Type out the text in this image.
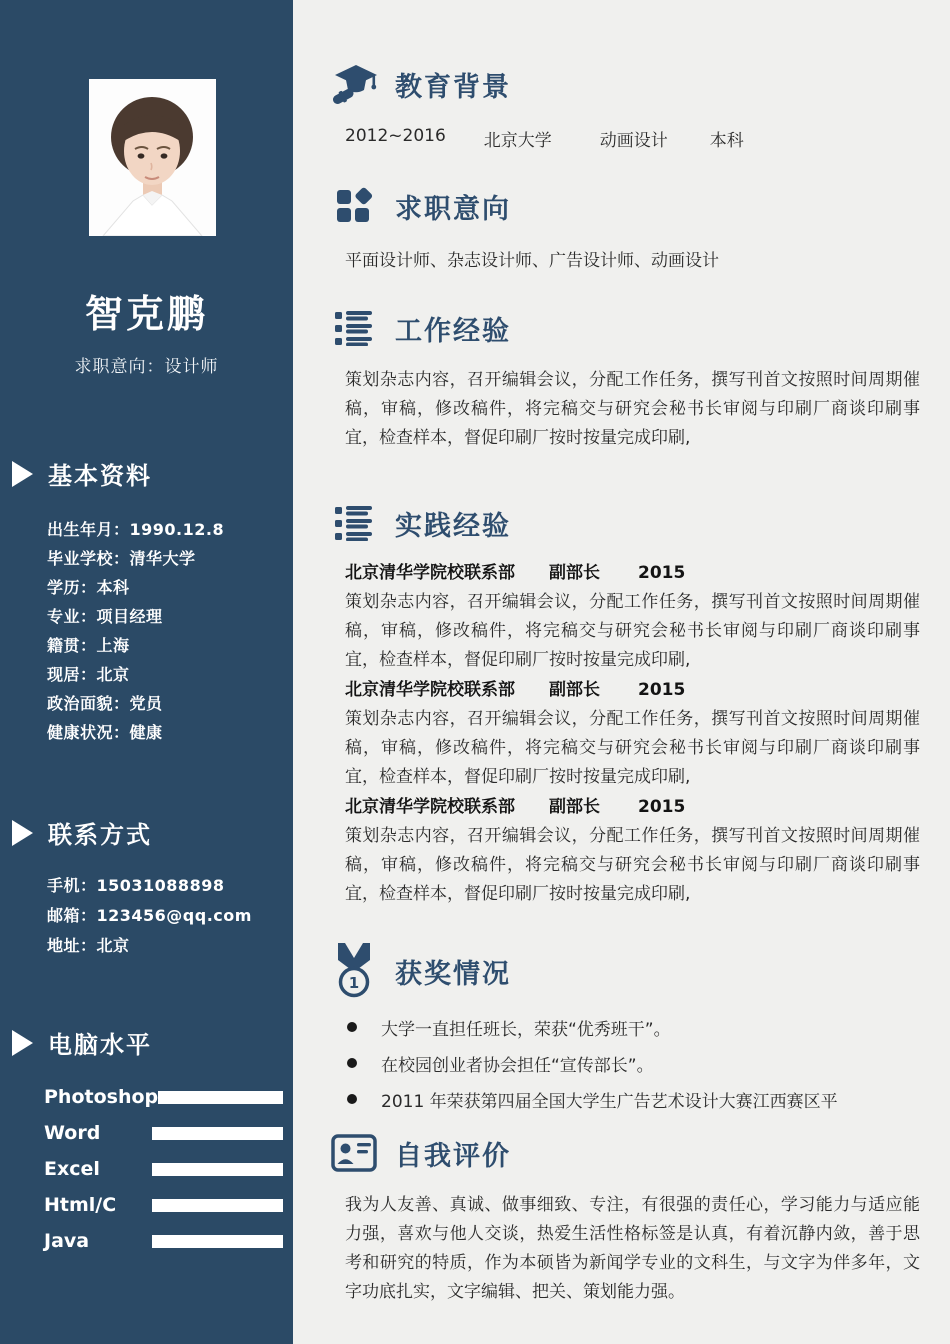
智克鹏
求职意向：设计师
基本资料
出生年月：1990.12.8
毕业学校：清华大学
学历：本科
专业：项目经理
籍贯：上海
现居：北京
政治面貌：党员
健康状况：健康
联系方式
手机：15031088898
邮箱：123456@qq.com
地址：北京
电脑水平
Photoshop
Word
Excel
Html/C
Java
教育背景
2012~2016 北京大学	动画设计 本科
求职意向
平面设计师、杂志设计师、广告设计师、动画设计
工作经验
策划杂志内容，召开编辑会议，分配工作任务，撰写刊首文按照时间周期催稿，审稿，修改稿件，将完稿交与研究会秘书长审阅与印刷厂商谈印刷事宜，检查样本，督促印刷厂按时按量完成印刷,
实践经验
北京清华学院校联系部 副部长 2015
策划杂志内容，召开编辑会议，分配工作任务，撰写刊首文按照时间周期催稿，审稿，修改稿件，将完稿交与研究会秘书长审阅与印刷厂商谈印刷事宜，检查样本，督促印刷厂按时按量完成印刷,
北京清华学院校联系部 副部长 2015
策划杂志内容，召开编辑会议，分配工作任务，撰写刊首文按照时间周期催稿，审稿，修改稿件，将完稿交与研究会秘书长审阅与印刷厂商谈印刷事宜，检查样本，督促印刷厂按时按量完成印刷,
北京清华学院校联系部 副部长 2015
策划杂志内容，召开编辑会议，分配工作任务，撰写刊首文按照时间周期催稿，审稿，修改稿件，将完稿交与研究会秘书长审阅与印刷厂商谈印刷事宜，检查样本，督促印刷厂按时按量完成印刷,
1 获奖情况
大学一直担任班长，荣获“优秀班干”。
在校园创业者协会担任“宣传部长”。
2011 年荣获第四届全国大学生广告艺术设计大赛江西赛区平
自我评价
我为人友善、真诚、做事细致、专注，有很强的责任心，学习能力与适应能力强，喜欢与他人交谈，热爱生活性格标签是认真，有着沉静内敛，善于思考和研究的特质，作为本硕皆为新闻学专业的文科生，与文字为伴多年，文字功底扎实，文字编辑、把关、策划能力强。
